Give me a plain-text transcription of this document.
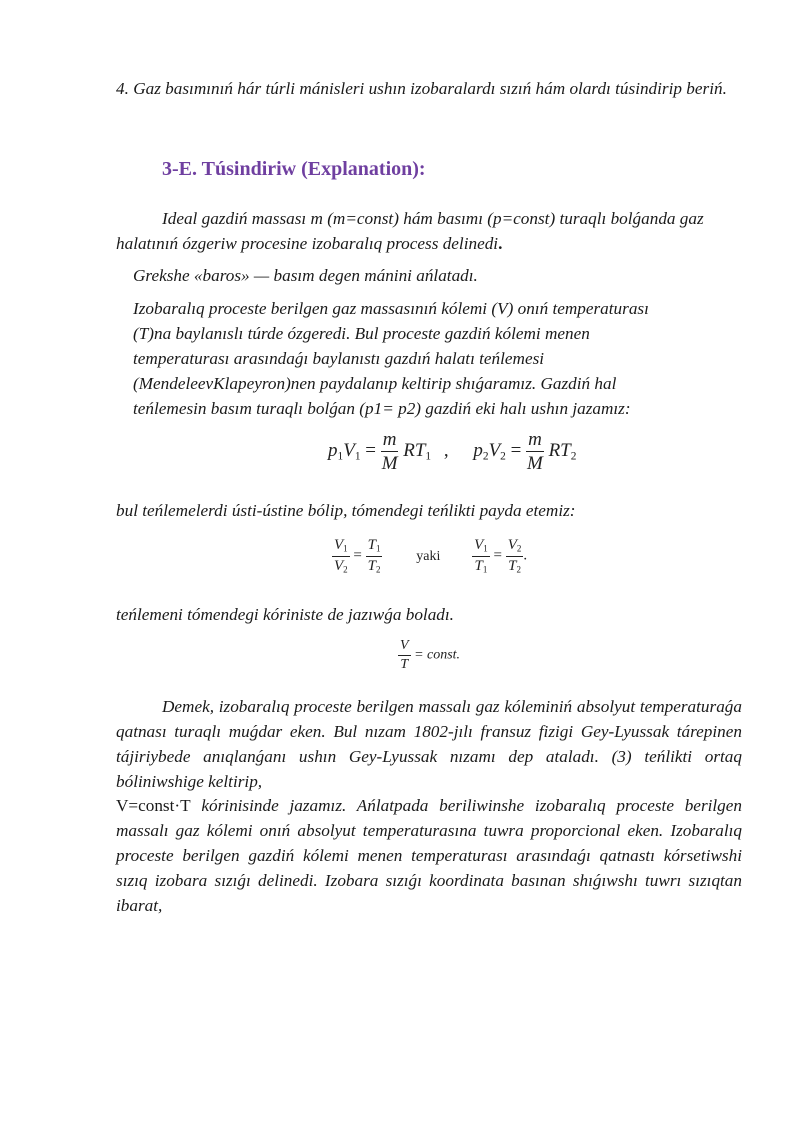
4. Gaz basımınıń hár túrli mánisleri ushın izobaralardı sızıń hám olardı túsindirip beriń.

3-E. Túsindiriw (Explanation):

Ideal gazdiń massası m (m=const) hám basımı (p=const) turaqlı bolǵanda gaz halatınıń ózgeriw procesine izobaralıq process delinedi.

Grekshe «baros» — basım degen mánini ańlatadı.

Izobaralıq proceste berilgen gaz massasınıń kólemi (V) onıń temperaturası
(T)na baylanıslı túrde ózgeredi. Bul proceste gazdiń kólemi menen
temperaturası arasındaǵı baylanıstı gazdıń halatı teńlemesi
(MendeleevKlapeyron)nen paydalanıp keltirip shıǵaramız. Gazdiń hal
teńlemesin basım turaqlı bolǵan (p1= p2) gazdiń eki halı ushın jazamız:
$p_1V_1 = \frac{m}{M} RT_1$ , $p_2V_2 = \frac{m}{M} RT_2$

bul teńlemelerdi ústi-ústine bólip, tómendegi teńlikti payda etemiz:

$\frac{V_1}{V_2} = \frac{T_1}{T_2}$ yaki $\frac{V_1}{T_1} = \frac{V_2}{T_2}$ .

teńlemeni tómendegi kóriniste de jazıwǵa boladı.

$\frac{V}{T}$ = const.

Demek, izobaralıq proceste berilgen massalı gaz kóleminiń absolyut temperaturaǵa qatnası turaqlı muǵdar eken. Bul nızam 1802-jılı fransuz fizigi Gey-Lyussak tárepinen tájiriybede anıqlanǵanı ushın Gey-Lyussak nızamı dep ataladı. (3) teńlikti ortaq bóliniwshige keltirip,

V=const·T kórinisinde jazamız. Ańlatpada beriliwinshe izobaralıq proceste berilgen massalı gaz kólemi onıń absolyut temperaturasına tuwra proporcional eken. Izobaralıq proceste berilgen gazdiń kólemi menen temperaturası arasındaǵı qatnastı kórsetiwshi sızıq izobara sızıǵı delinedi. Izobara sızıǵı koordinata basınan shıǵıwshı tuwrı sızıqtan ibarat,
